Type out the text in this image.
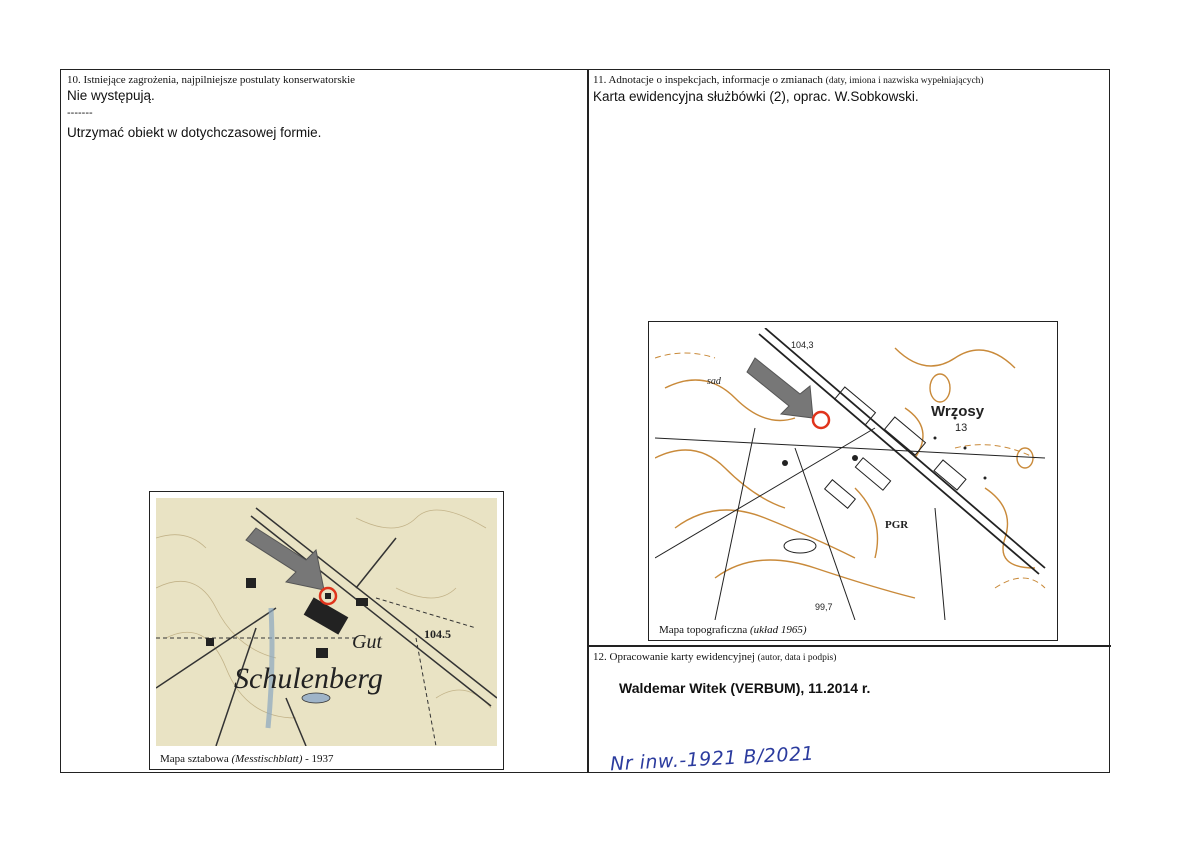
10. Istniejące zagrożenia, najpilniejsze postulaty konserwatorskie

Nie występują.

-------

Utrzymać obiekt w dotychczasowej formie.

11. Adnotacje o inspekcjach, informacje o zmianach (daty, imiona i nazwiska wypełniających)

Karta ewidencyjna służbówki (2), oprac. W.Sobkowski.

12. Opracowanie karty ewidencyjnej (autor, data i podpis)

Waldemar Witek (VERBUM), 11.2014 r.

Gut	104.5
Schulenberg
Mapa sztabowa (Messtischblatt) - 1937
Wrzosy
13
104,3
99,7
PGR
sad
Mapa topograficzna (układ 1965)
Nr inw.-1921 B/2021
